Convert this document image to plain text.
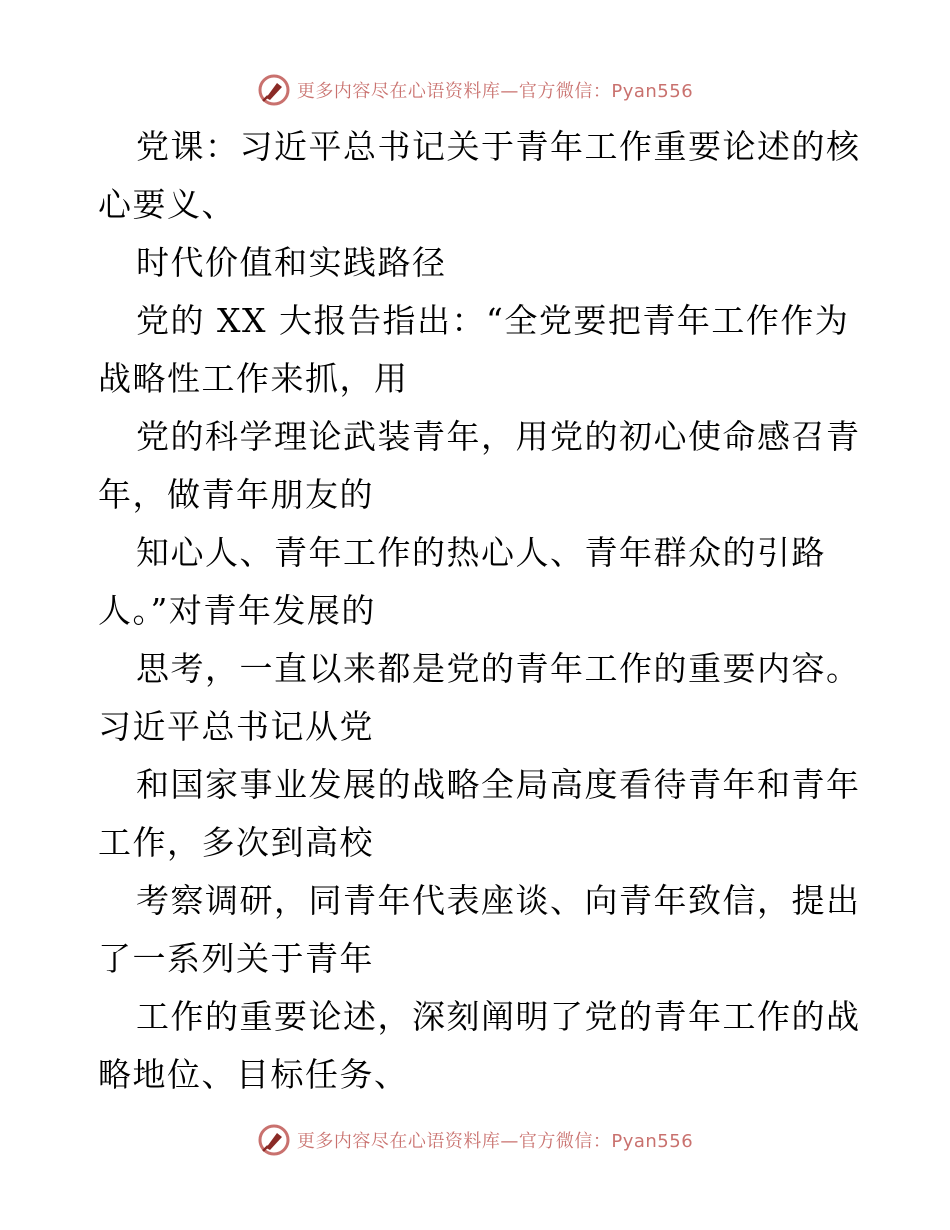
更多内容尽在心语资料库—官方微信：Pyan556
党课：习近平总书记关于青年工作重要论述的核
心要义、
时代价值和实践路径
党的 XX 大报告指出：“全党要把青年工作作为
战略性工作来抓，用
党的科学理论武装青年，用党的初心使命感召青
年，做青年朋友的
知心人、青年工作的热心人、青年群众的引路
人。”对青年发展的
思考，一直以来都是党的青年工作的重要内容。
习近平总书记从党
和国家事业发展的战略全局高度看待青年和青年
工作，多次到高校
考察调研，同青年代表座谈、向青年致信，提出
了一系列关于青年
工作的重要论述，深刻阐明了党的青年工作的战
略地位、目标任务、
更多内容尽在心语资料库—官方微信：Pyan556
